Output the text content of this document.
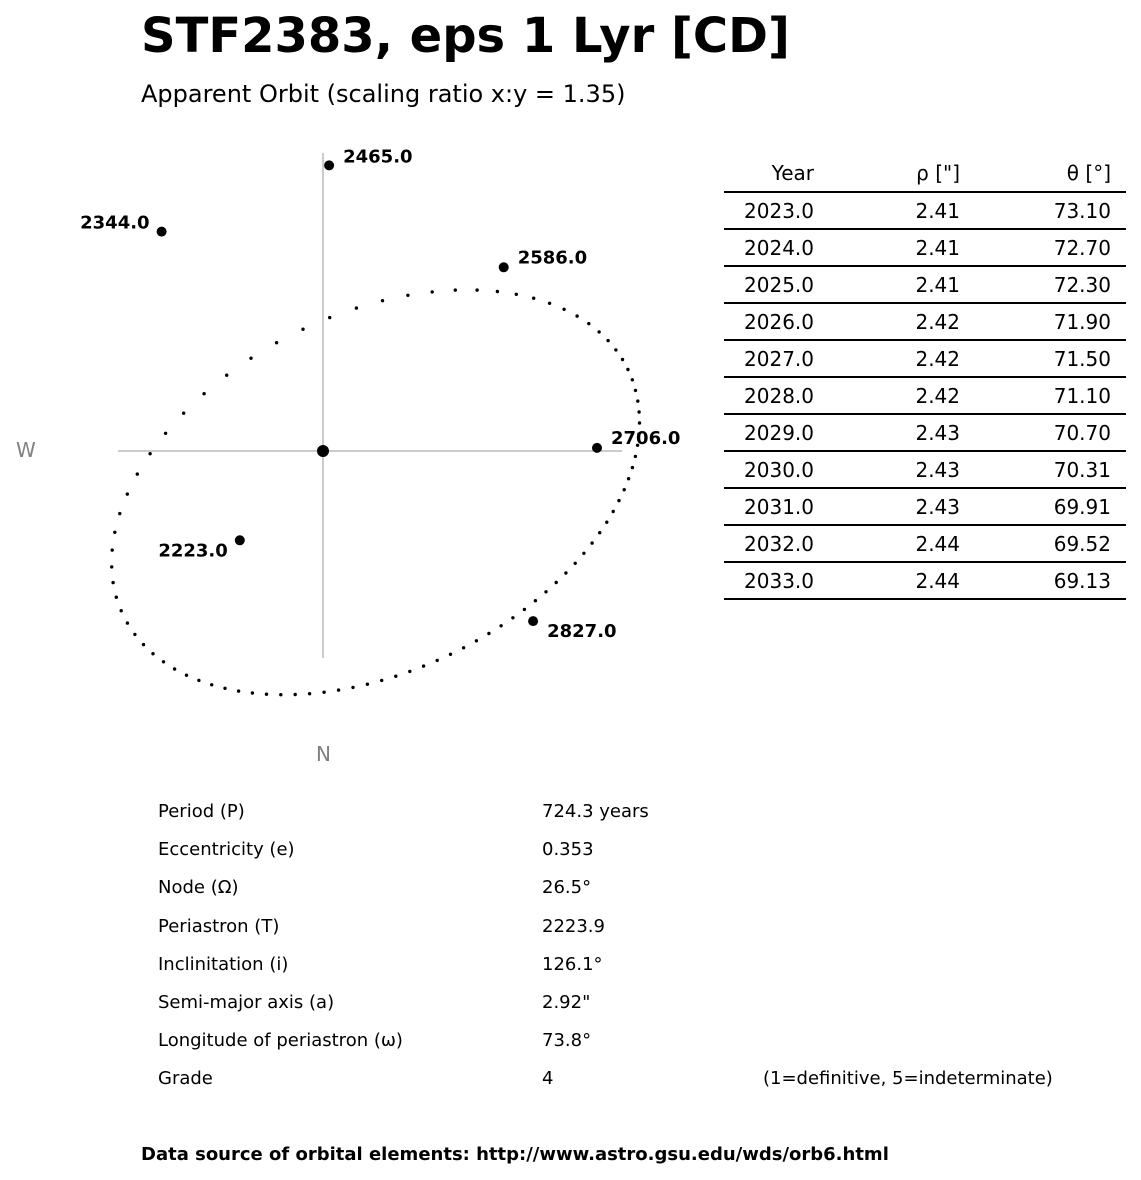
STF2383, eps 1 Lyr [CD]
Apparent Orbit (scaling ratio x:y = 1.35)
2223.0
2344.0
2465.0
2586.0
2706.0
2827.0
W
N
Year	ρ ["]	θ [°]	
2023.0	2.41	73.10	
2024.0	2.41	72.70	
2025.0	2.41	72.30	
2026.0	2.42	71.90	
2027.0	2.42	71.50	
2028.0	2.42	71.10	
2029.0	2.43	70.70	
2030.0	2.43	70.31	
2031.0	2.43	69.91	
2032.0	2.44	69.52	
2033.0	2.44	69.13	
Period (P)	724.3 years
Eccentricity (e)	0.353
Node (Ω)	26.5°
Periastron (T)	2223.9
Inclinitation (i)	126.1°
Semi-major axis (a)	2.92"
Longitude of periastron (ω)	73.8°
Grade	4	(1=definitive, 5=indeterminate)
Data source of orbital elements: http://www.astro.gsu.edu/wds/orb6.html
